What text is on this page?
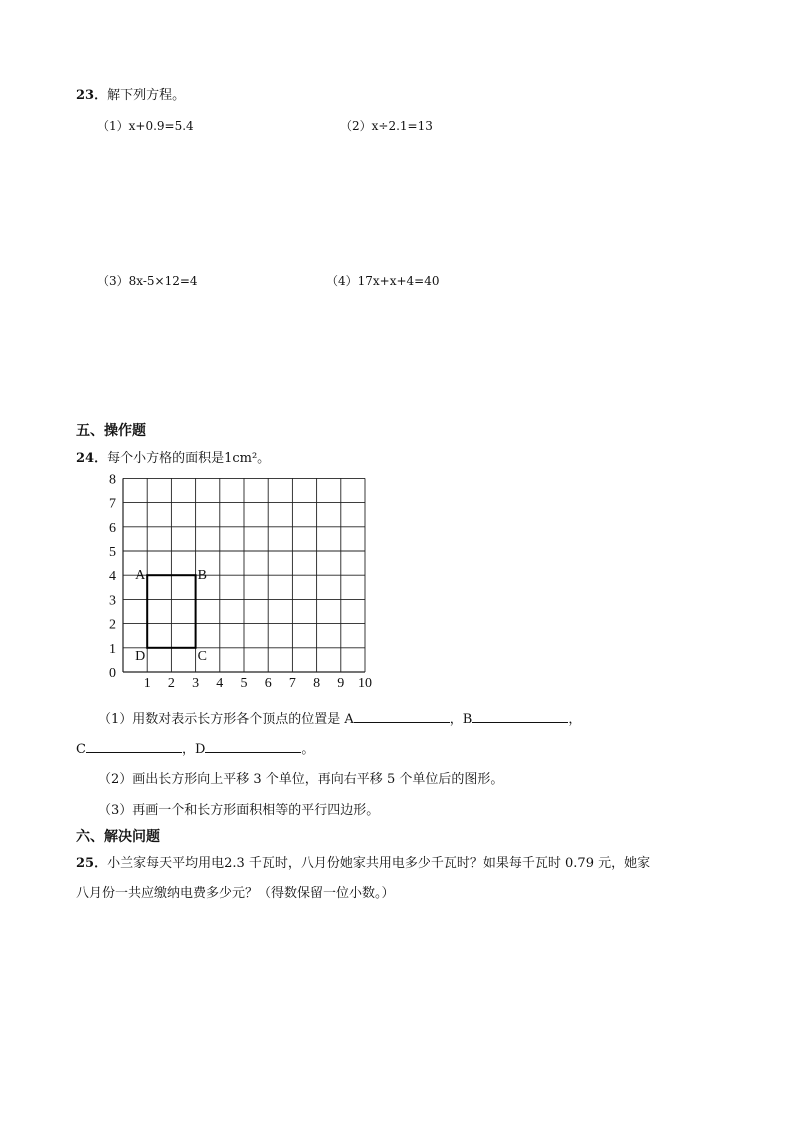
23．解下列方程。
（1）x+0.9=5.4	（2）x÷2.1=13
（3）8x-5×12=4	（4）17x+x+4=40
五、操作题
24．每个小方格的面积是1cm²。
1 2 3 4 5 6 7 8 9 10
0
1
2
3
4
5
6
7
8
A	B
D	C
（1）用数对表示长方形各个顶点的位置是 A	，B	，
C	，D	。
（2）画出长方形向上平移 3 个单位，再向右平移 5 个单位后的图形。
（3）再画一个和长方形面积相等的平行四边形。
六、解决问题
25．小兰家每天平均用电2.3 千瓦时，八月份她家共用电多少千瓦时？如果每千瓦时 0.79 元，她家
八月份一共应缴纳电费多少元？（得数保留一位小数。）
